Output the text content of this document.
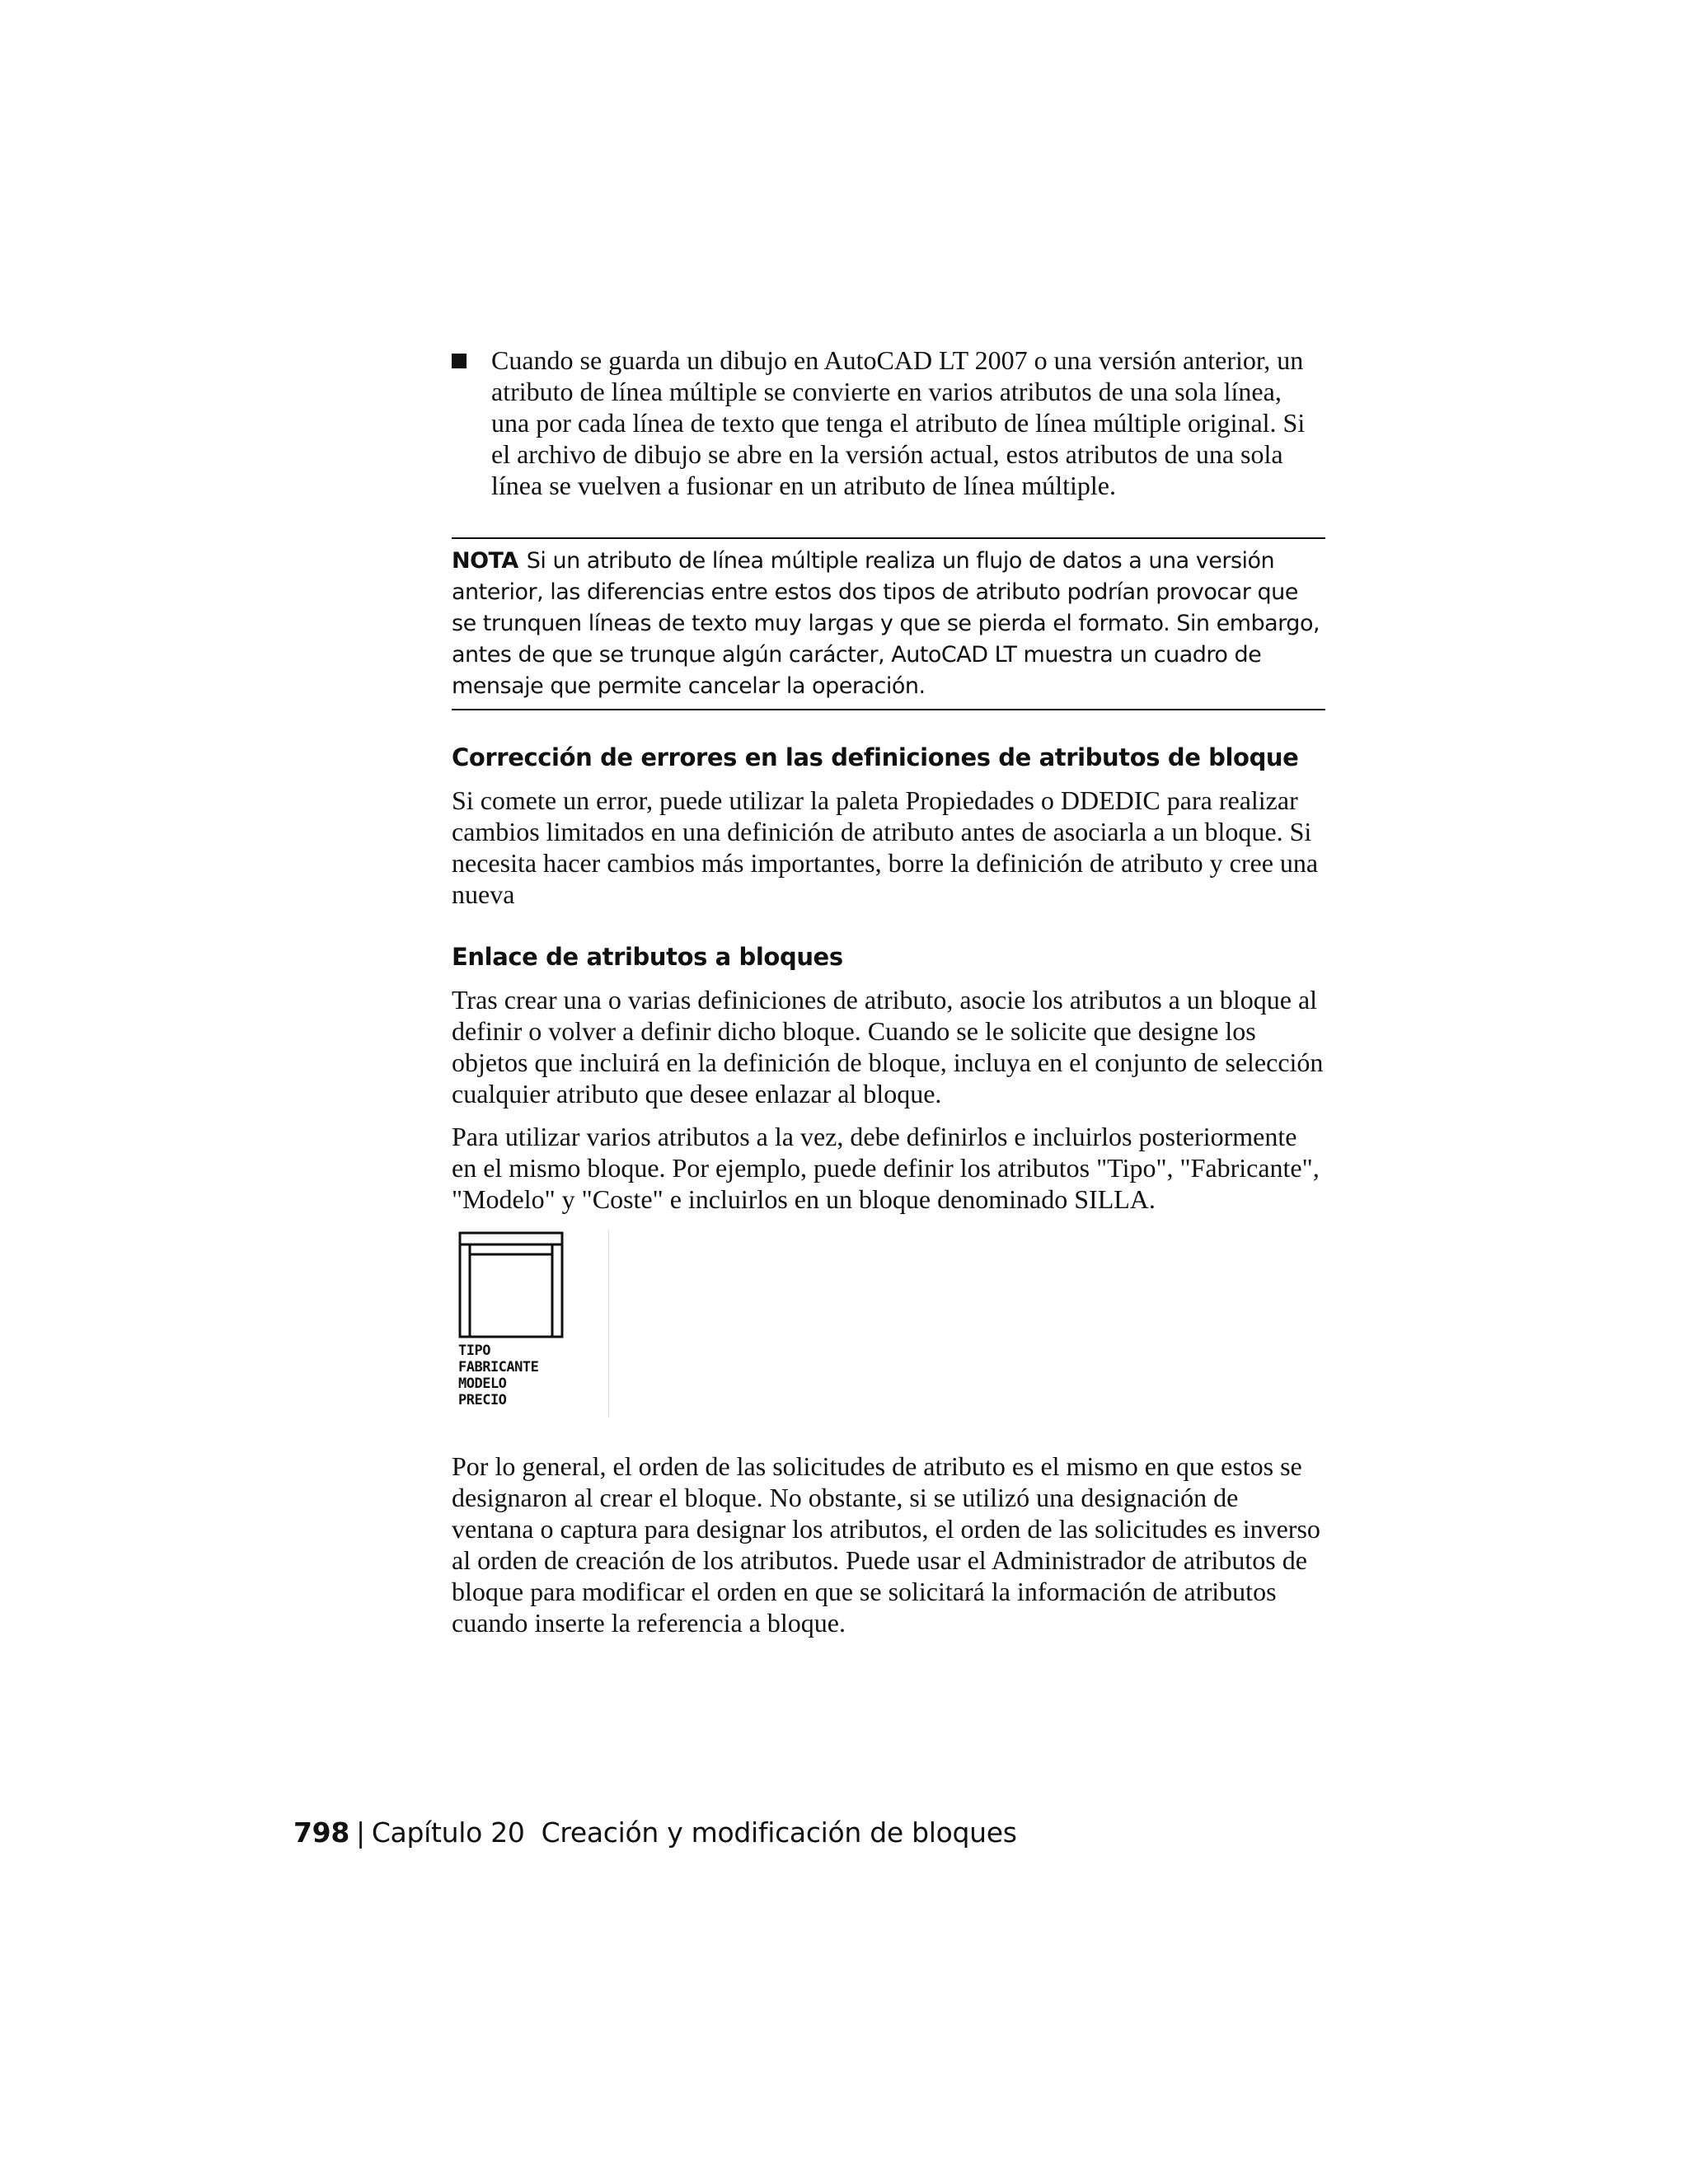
Cuando se guarda un dibujo en AutoCAD LT 2007 o una versión anterior, un atributo de línea múltiple se convierte en varios atributos de una sola línea, una por cada línea de texto que tenga el atributo de línea múltiple original. Si el archivo de dibujo se abre en la versión actual, estos atributos de una sola línea se vuelven a fusionar en un atributo de línea múltiple.

NOTA Si un atributo de línea múltiple realiza un flujo de datos a una versión anterior, las diferencias entre estos dos tipos de atributo podrían provocar que se trunquen líneas de texto muy largas y que se pierda el formato. Sin embargo, antes de que se trunque algún carácter, AutoCAD LT muestra un cuadro de mensaje que permite cancelar la operación.

Corrección de errores en las definiciones de atributos de bloque

Si comete un error, puede utilizar la paleta Propiedades o DDEDIC para realizar cambios limitados en una definición de atributo antes de asociarla a un bloque. Si necesita hacer cambios más importantes, borre la definición de atributo y cree una nueva

Enlace de atributos a bloques

Tras crear una o varias definiciones de atributo, asocie los atributos a un bloque al definir o volver a definir dicho bloque. Cuando se le solicite que designe los objetos que incluirá en la definición de bloque, incluya en el conjunto de selección cualquier atributo que desee enlazar al bloque.

Para utilizar varios atributos a la vez, debe definirlos e incluirlos posteriormente en el mismo bloque. Por ejemplo, puede definir los atributos "Tipo", "Fabricante", "Modelo" y "Coste" e incluirlos en un bloque denominado SILLA.

TIPO
FABRICANTE
MODELO
PRECIO

Por lo general, el orden de las solicitudes de atributo es el mismo en que estos se designaron al crear el bloque. No obstante, si se utilizó una designación de ventana o captura para designar los atributos, el orden de las solicitudes es inverso al orden de creación de los atributos. Puede usar el Administrador de atributos de bloque para modificar el orden en que se solicitará la información de atributos cuando inserte la referencia a bloque.

798 | Capítulo 20 Creación y modificación de bloques
